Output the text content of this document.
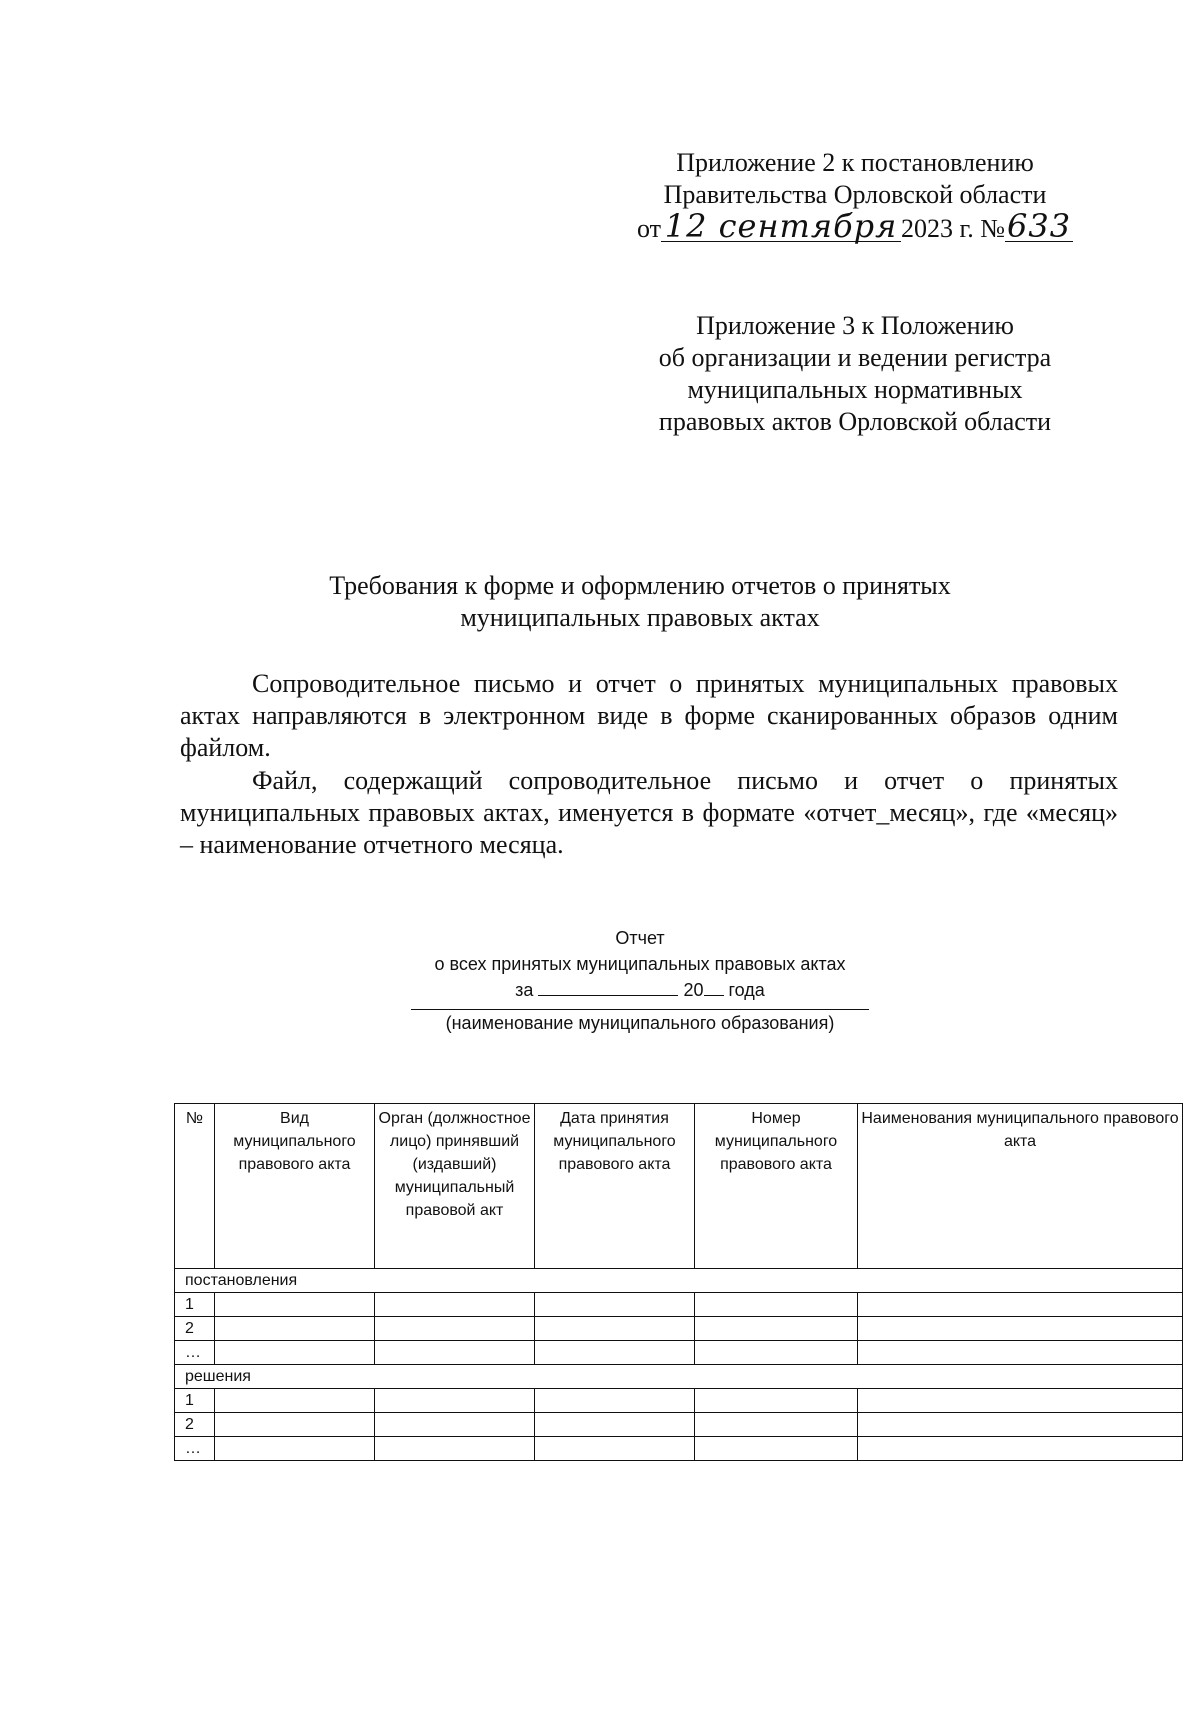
Приложение 2 к постановлению
Правительства Орловской области
от 12 сентября 2023 г. №633
Приложение 3 к Положению
об организации и ведении регистра
муниципальных нормативных
правовых актов Орловской области
Требования к форме и оформлению отчетов о принятых
муниципальных правовых актах
Сопроводительное письмо и отчет о принятых муниципальных правовых актах направляются в электронном виде в форме сканированных образов одним файлом.
Файл, содержащий сопроводительное письмо и отчет о принятых муниципальных правовых актах, именуется в формате «отчет_месяц», где «месяц» – наименование отчетного месяца.
Отчет
о всех принятых муниципальных правовых актах
за	20 года
(наименование муниципального образования)
№	Вид муниципального правового акта	Орган (должностное лицо) принявший (издавший) муниципальный правовой акт	Дата принятия муниципального правового акта	Номер муниципального правового акта	Наименования муниципального правового акта
постановления					
1					
2					
…					
решения					
1					
2					
…					
